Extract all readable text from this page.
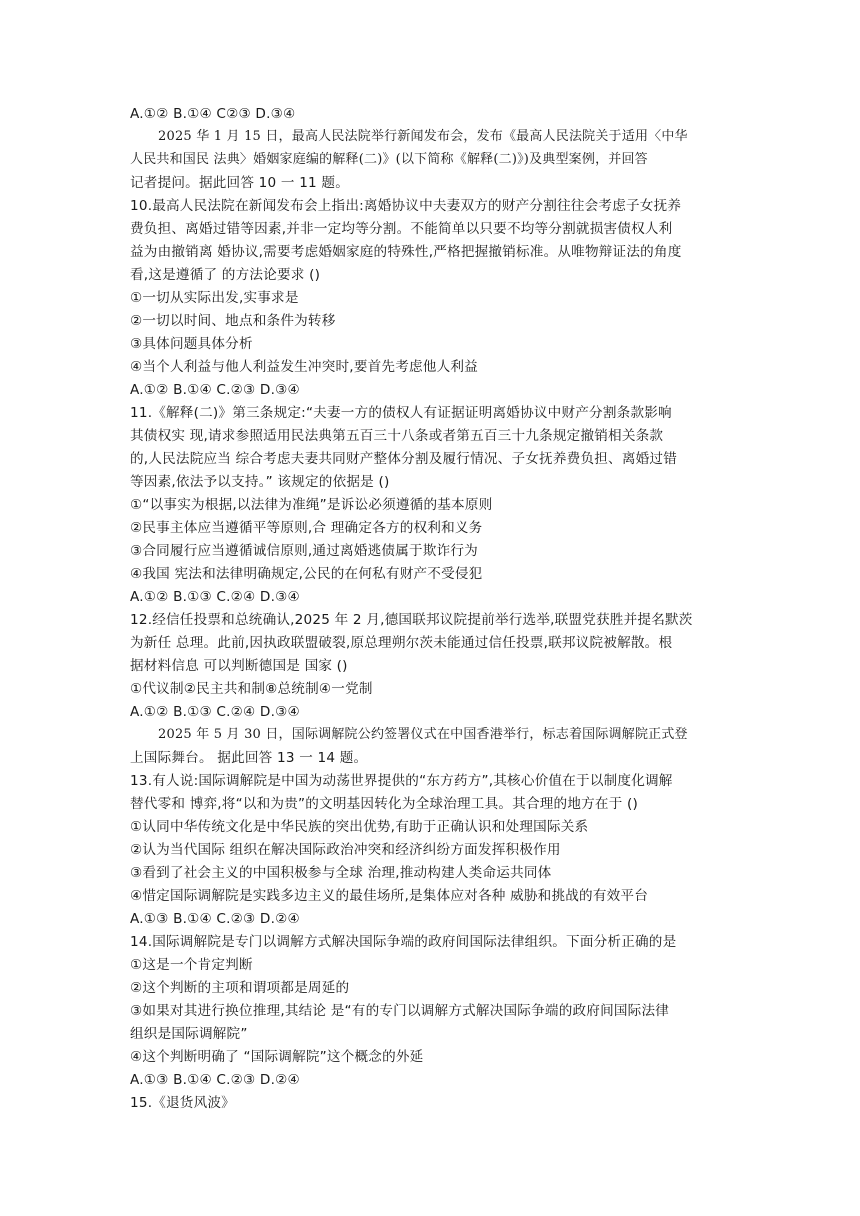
A.①② B.①④ C②③ D.③④
2025 华 1 月 15 日，最高人民法院举行新闻发布会，发布《最高人民法院关于适用〈中华
人民共和国民 法典〉婚姻家庭编的解释(二)》(以下简称《解释(二)》)及典型案例，并回答
记者提问。据此回答 10 一 11 题。
10.最高人民法院在新闻发布会上指出:离婚协议中夫妻双方的财产分割往往会考虑子女抚养
费负担、离婚过错等因素,并非一定均等分割。不能简单以只要不均等分割就损害债权人利
益为由撤销离 婚协议,需要考虑婚姻家庭的特殊性,严格把握撤销标准。从唯物辩证法的角度
看,这是遵循了 的方法论要求 ()
①一切从实际出发,实事求是
②一切以时间、地点和条件为转移
③具体问题具体分析
④当个人利益与他人利益发生冲突时,要首先考虑他人利益
A.①② B.①④ C.②③ D.③④
11.《解释(二)》第三条规定:“夫妻一方的债权人有证据证明离婚协议中财产分割条款影响
其债权实 现,请求参照适用民法典第五百三十八条或者第五百三十九条规定撤销相关条款
的,人民法院应当 综合考虑夫妻共同财产整体分割及履行情况、子女抚养费负担、离婚过错
等因素,依法予以支持。” 该规定的依据是 ()
①“以事实为根据,以法律为准绳”是诉讼必须遵循的基本原则
②民事主体应当遵循平等原则,合 理确定各方的权利和义务
③合同履行应当遵循诚信原则,通过离婚逃债属于欺诈行为
④我国 宪法和法律明确规定,公民的在何私有财产不受侵犯
A.①② B.①③ C.②④ D.③④
12.经信任投票和总统确认,2025 年 2 月,德国联邦议院提前举行选举,联盟党获胜并提名默茨
为新任 总理。此前,因执政联盟破裂,原总理朔尔茨未能通过信任投票,联邦议院被解散。根
据材料信息 可以判断德国是 国家 ()
①代议制②民主共和制⑧总统制④一党制
A.①② B.①③ C.②④ D.③④
2025 年 5 月 30 日，国际调解院公约签署仪式在中国香港举行，标志着国际调解院正式登
上国际舞台。 据此回答 13 一 14 题。
13.有人说:国际调解院是中国为动荡世界提供的“东方药方”,其核心价值在于以制度化调解
替代零和 博弈,将“以和为贵”的文明基因转化为全球治理工具。其合理的地方在于 ()
①认同中华传统文化是中华民族的突出优势,有助于正确认识和处理国际关系
②认为当代国际 组织在解决国际政治冲突和经济纠纷方面发挥积极作用
③看到了社会主义的中国积极参与全球 治理,推动构建人类命运共同体
④惜定国际调解院是实践多边主义的最佳场所,是集体应对各种 威胁和挑战的有效平台
A.①③ B.①④ C.②③ D.②④
14.国际调解院是专门以调解方式解决国际争端的政府间国际法律组织。下面分析正确的是
①这是一个肯定判断
②这个判断的主项和谓项都是周延的
③如果对其进行换位推理,其结论 是“有的专门以调解方式解决国际争端的政府间国际法律
组织是国际调解院”
④这个判断明确了 “国际调解院”这个概念的外延
A.①③ B.①④ C.②③ D.②④
15.《退货风波》
